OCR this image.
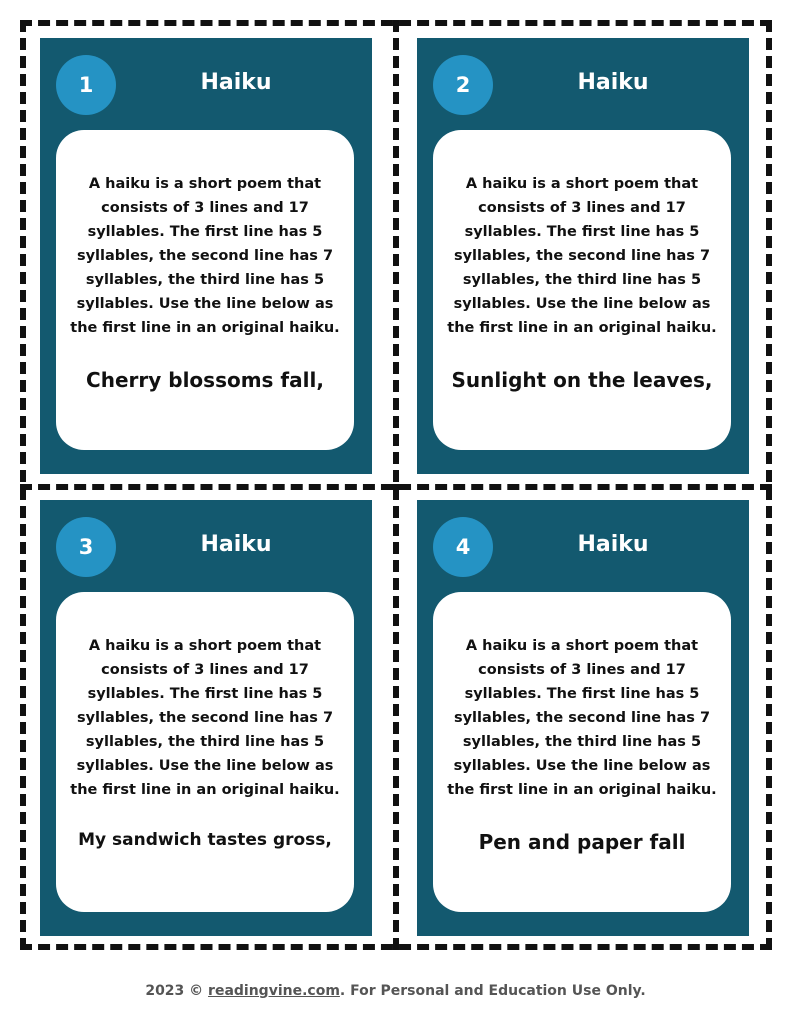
1	Haiku

A haiku is a short poem that consists of 3 lines and 17 syllables. The first line has 5 syllables, the second line has 7 syllables, the third line has 5 syllables. Use the line below as the first line in an original haiku.

Cherry blossoms fall,
2	Haiku

A haiku is a short poem that consists of 3 lines and 17 syllables. The first line has 5 syllables, the second line has 7 syllables, the third line has 5 syllables. Use the line below as the first line in an original haiku.

Sunlight on the leaves,
3	Haiku

A haiku is a short poem that consists of 3 lines and 17 syllables. The first line has 5 syllables, the second line has 7 syllables, the third line has 5 syllables. Use the line below as the first line in an original haiku.

My sandwich tastes gross,
4	Haiku

A haiku is a short poem that consists of 3 lines and 17 syllables. The first line has 5 syllables, the second line has 7 syllables, the third line has 5 syllables. Use the line below as the first line in an original haiku.

Pen and paper fall
2023 © readingvine.com. For Personal and Education Use Only.
